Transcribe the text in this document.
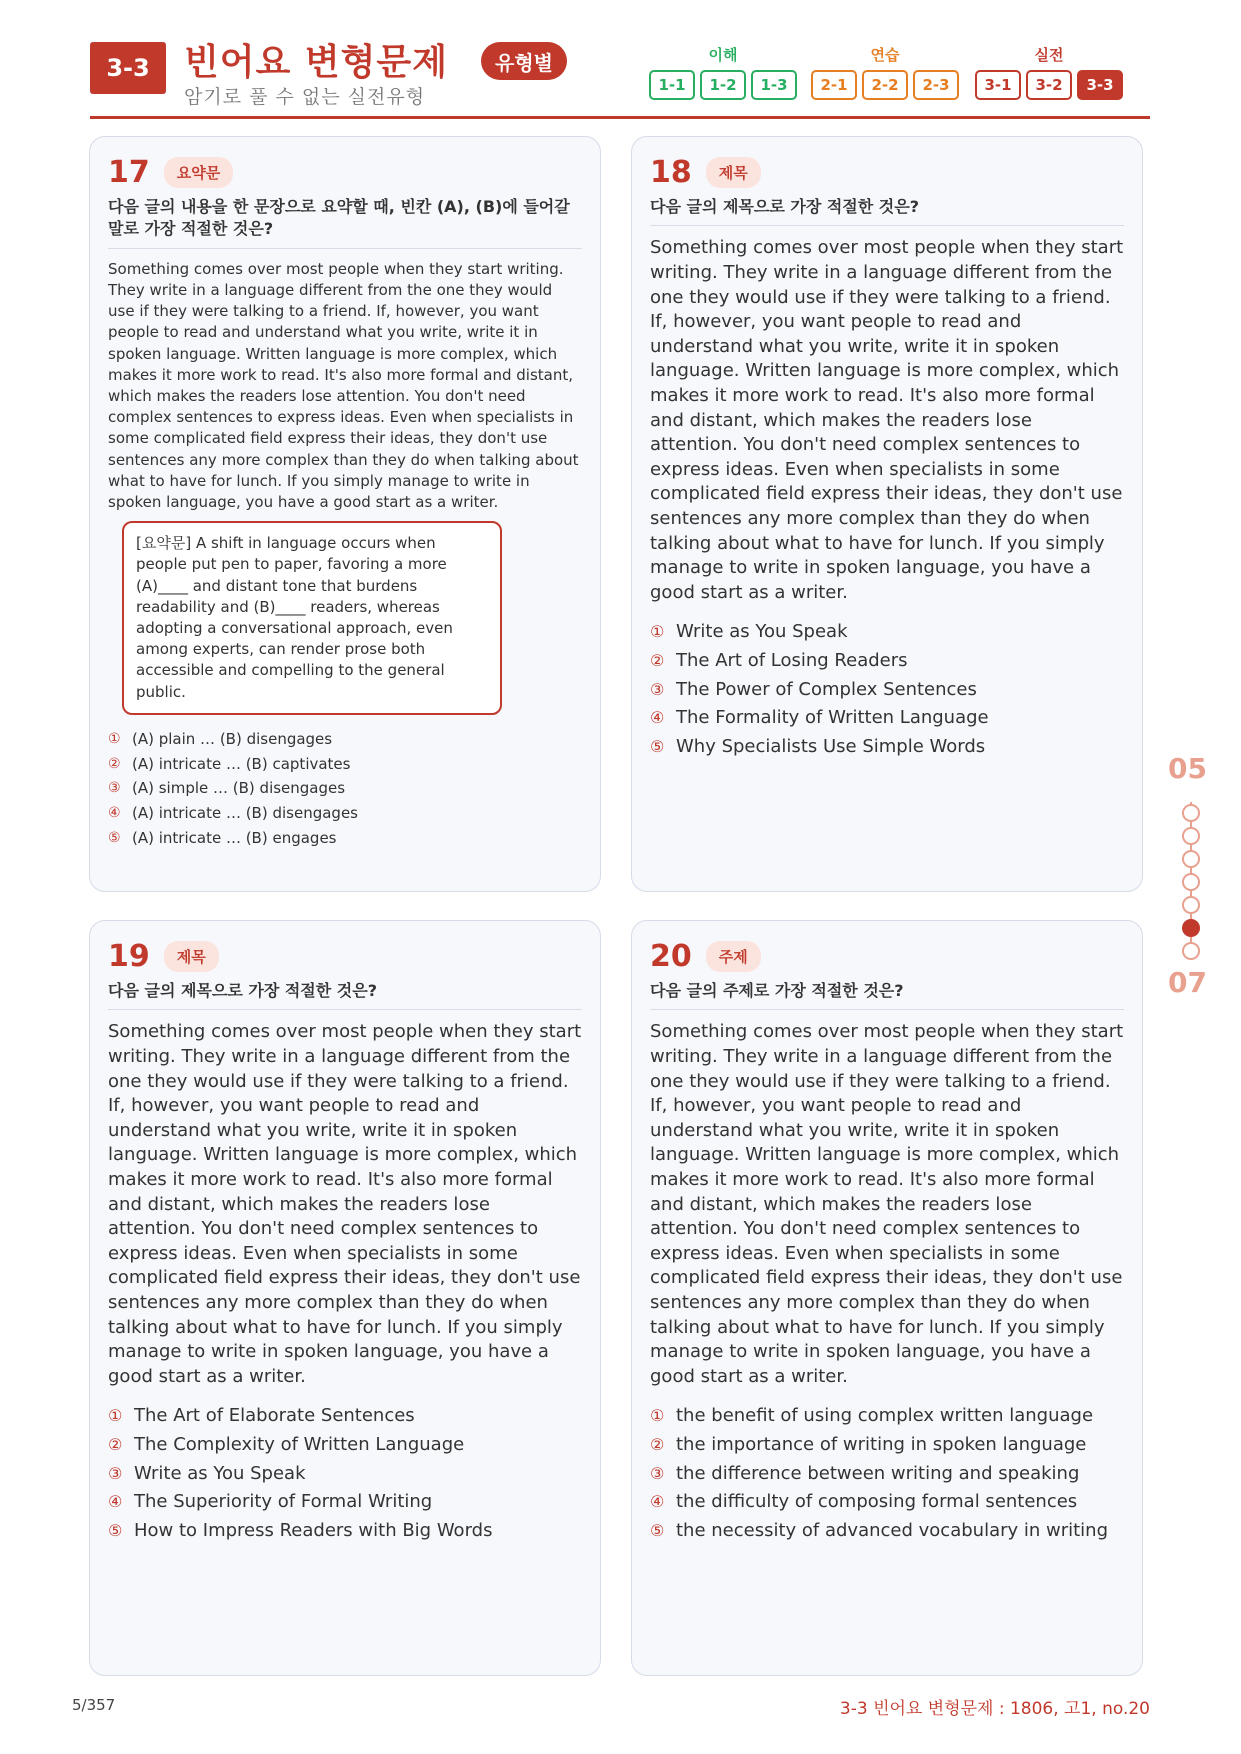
3-3 빈어요 변형문제	유형별
암기로 풀 수 없는 실전유형
이해
1-1	1-2	1-3
연습
2-1	2-2	2-3
실전
3-1	3-2	3-3
17	요약문
다음 글의 내용을 한 문장으로 요약할 때, 빈칸 (A), (B)에 들어갈 말로 가장 적절한 것은?
Something comes over most people when they start writing. They write in a language different from the one they would use if they were talking to a friend. If, however, you want people to read and understand what you write, write it in spoken language. Written language is more complex, which makes it more work to read. It's also more formal and distant, which makes the readers lose attention. You don't need complex sentences to express ideas. Even when specialists in some complicated field express their ideas, they don't use sentences any more complex than they do when talking about what to have for lunch. If you simply manage to write in spoken language, you have a good start as a writer.
[요약문] A shift in language occurs when people put pen to paper, favoring a more (A)____ and distant tone that burdens readability and (B)____ readers, whereas adopting a conversational approach, even among experts, can render prose both accessible and compelling to the general public.
① (A) plain … (B) disengages
② (A) intricate … (B) captivates
③ (A) simple … (B) disengages
④ (A) intricate … (B) disengages
⑤ (A) intricate … (B) engages
18	제목
다음 글의 제목으로 가장 적절한 것은?
Something comes over most people when they start writing. They write in a language different from the one they would use if they were talking to a friend. If, however, you want people to read and understand what you write, write it in spoken language. Written language is more complex, which makes it more work to read. It's also more formal and distant, which makes the readers lose attention. You don't need complex sentences to express ideas. Even when specialists in some complicated field express their ideas, they don't use sentences any more complex than they do when talking about what to have for lunch. If you simply manage to write in spoken language, you have a good start as a writer.
① Write as You Speak
② The Art of Losing Readers
③ The Power of Complex Sentences
④ The Formality of Written Language
⑤ Why Specialists Use Simple Words
19	제목
다음 글의 제목으로 가장 적절한 것은?
Something comes over most people when they start writing. They write in a language different from the one they would use if they were talking to a friend. If, however, you want people to read and understand what you write, write it in spoken language. Written language is more complex, which makes it more work to read. It's also more formal and distant, which makes the readers lose attention. You don't need complex sentences to express ideas. Even when specialists in some complicated field express their ideas, they don't use sentences any more complex than they do when talking about what to have for lunch. If you simply manage to write in spoken language, you have a good start as a writer.
① The Art of Elaborate Sentences
② The Complexity of Written Language
③ Write as You Speak
④ The Superiority of Formal Writing
⑤ How to Impress Readers with Big Words
20	주제
다음 글의 주제로 가장 적절한 것은?
Something comes over most people when they start writing. They write in a language different from the one they would use if they were talking to a friend. If, however, you want people to read and understand what you write, write it in spoken language. Written language is more complex, which makes it more work to read. It's also more formal and distant, which makes the readers lose attention. You don't need complex sentences to express ideas. Even when specialists in some complicated field express their ideas, they don't use sentences any more complex than they do when talking about what to have for lunch. If you simply manage to write in spoken language, you have a good start as a writer.
① the benefit of using complex written language
② the importance of writing in spoken language
③ the difference between writing and speaking
④ the difficulty of composing formal sentences
⑤ the necessity of advanced vocabulary in writing
05
07
5/357	3-3 빈어요 변형문제 : 1806, 고1, no.20
